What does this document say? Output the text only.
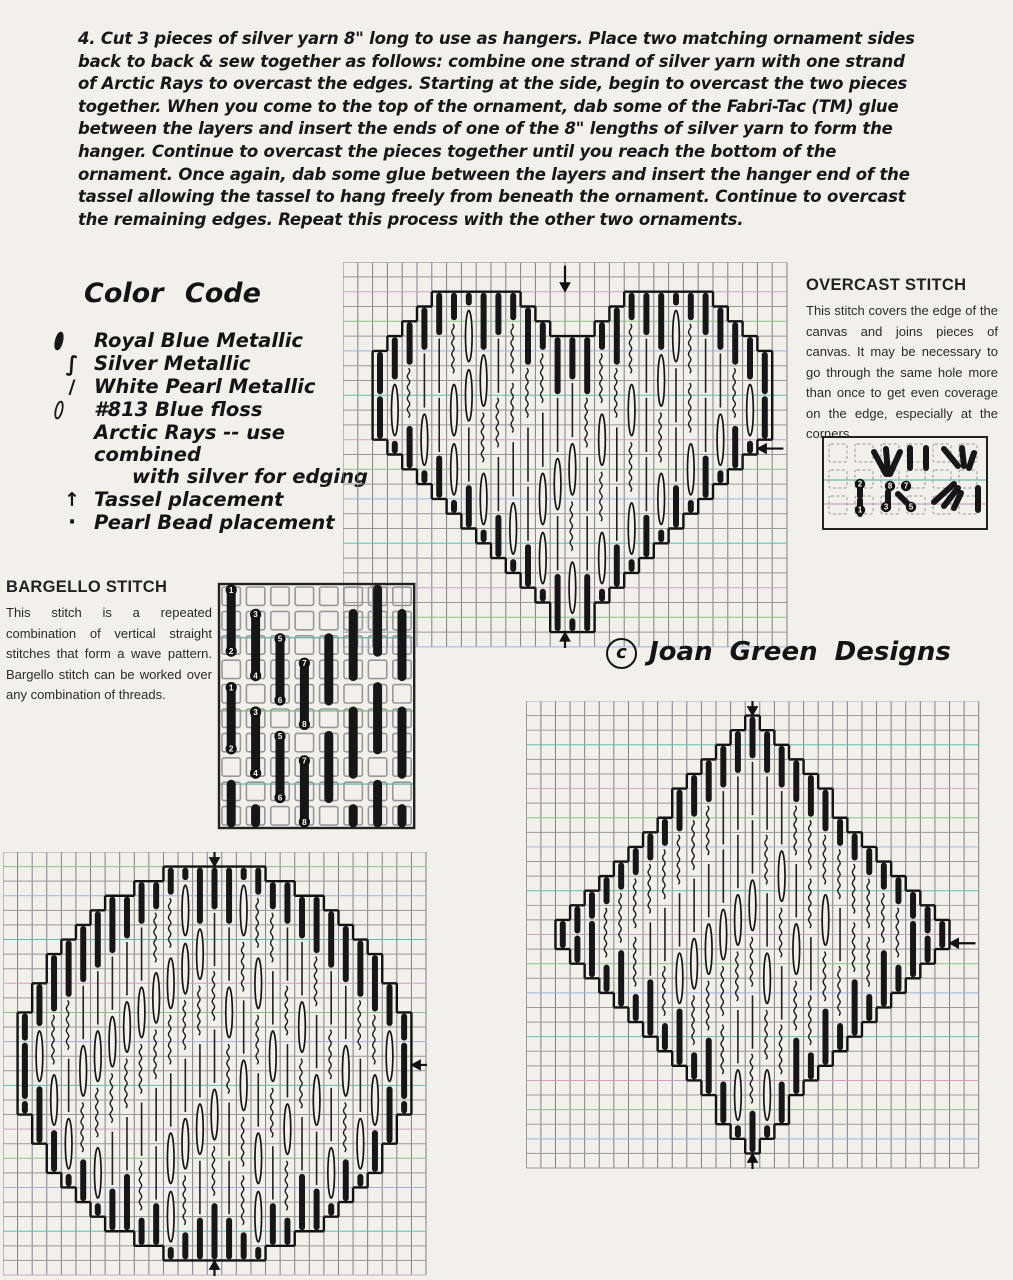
4. Cut 3 pieces of silver yarn 8" long to use as hangers. Place two matching ornament sides back to back & sew together as follows: combine one strand of silver yarn with one strand of Arctic Rays to overcast the edges. Starting at the side, begin to overcast the two pieces together. When you come to the top of the ornament, dab some of the Fabri-Tac (TM) glue between the layers and insert the ends of one of the 8" lengths of silver yarn to form the hanger. Continue to overcast the pieces together until you reach the bottom of the ornament. Once again, dab some glue between the layers and insert the hanger end of the tassel allowing the tassel to hang freely from beneath the ornament. Continue to overcast the remaining edges. Repeat this process with the other two ornaments.

Color Code
Royal Blue Metallic
∫ Silver Metallic
/ White Pearl Metallic
#813 Blue floss
Arctic Rays -- use combined
with silver for edging
↑ Tassel placement
· Pearl Bead placement
OVERCAST STITCH

This stitch covers the edge of the canvas and joins pieces of canvas. It may be necessary to go through the same hole more than once to get even coverage on the edge, especially at the corners.

1
2
3	5
7
8
BARGELLO STITCH

This stitch is a repeated combination of vertical straight stitches that form a wave pattern. Bargello stitch can be worked over any combination of threads.

1
2
1
2
3
4
3
4
5
6
5
6
7
8
7
8
c Joan Green Designs
